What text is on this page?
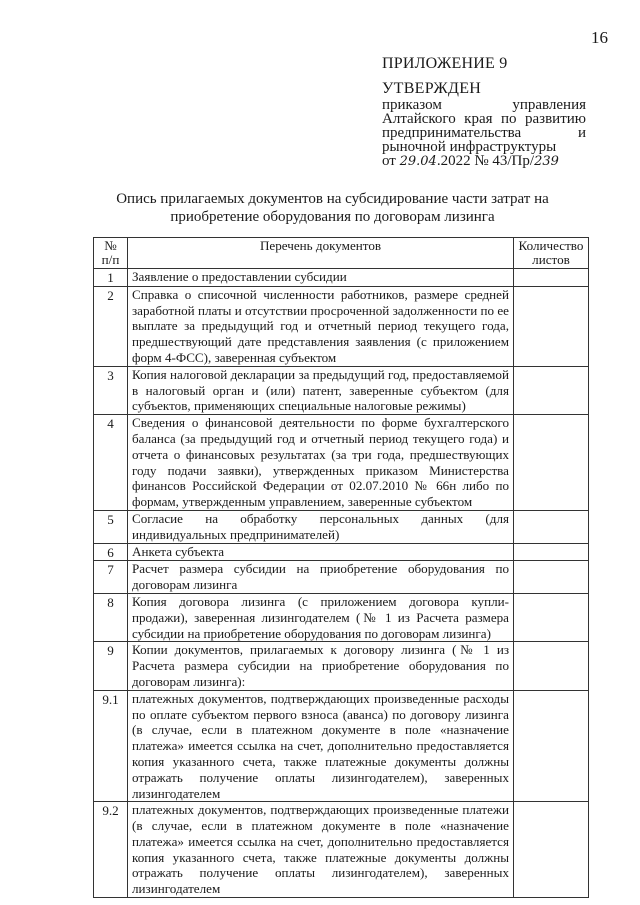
16
ПРИЛОЖЕНИЕ 9
УТВЕРЖДЕН
приказом управления Алтайского края по развитию предпринимательства и рыночной инфраструктуры
от 29.04.2022 № 43/Пр/239
Опись прилагаемых документов на субсидирование части затрат на приобретение оборудования по договорам лизинга
№ п/п	Перечень документов	Количество листов
1	Заявление о предоставлении субсидии	
2	Справка о списочной численности работников, размере средней заработной платы и отсутствии просроченной задолженности по ее выплате за предыдущий год и отчетный период текущего года, предшествующий дате представления заявления (с приложением форм 4-ФСС), заверенная субъектом	
3	Копия налоговой декларации за предыдущий год, предоставляемой в налоговый орган и (или) патент, заверенные субъектом (для субъектов, применяющих специальные налоговые режимы)	
4	Сведения о финансовой деятельности по форме бухгалтерского баланса (за предыдущий год и отчетный период текущего года) и отчета о финансовых результатах (за три года, предшествующих году подачи заявки), утвержденных приказом Министерства финансов Российской Федерации от 02.07.2010 № 66н либо по формам, утвержденным управлением, заверенные субъектом	
5	Согласие на обработку персональных данных (для индивидуальных предпринимателей)	
6	Анкета субъекта	
7	Расчет размера субсидии на приобретение оборудования по договорам лизинга	
8	Копия договора лизинга (с приложением договора купли-продажи), заверенная лизингодателем (№ 1 из Расчета размера субсидии на приобретение оборудования по договорам лизинга)	
9	Копии документов, прилагаемых к договору лизинга (№ 1 из Расчета размера субсидии на приобретение оборудования по договорам лизинга):	
9.1	платежных документов, подтверждающих произведенные расходы по оплате субъектом первого взноса (аванса) по договору лизинга (в случае, если в платежном документе в поле «назначение платежа» имеется ссылка на счет, дополнительно предоставляется копия указанного счета, также платежные документы должны отражать получение оплаты лизингодателем), заверенных лизингодателем	
9.2	платежных документов, подтверждающих произведенные платежи (в случае, если в платежном документе в поле «назначение платежа» имеется ссылка на счет, дополнительно предоставляется копия указанного счета, также платежные документы должны отражать получение оплаты лизингодателем), заверенных лизингодателем	
